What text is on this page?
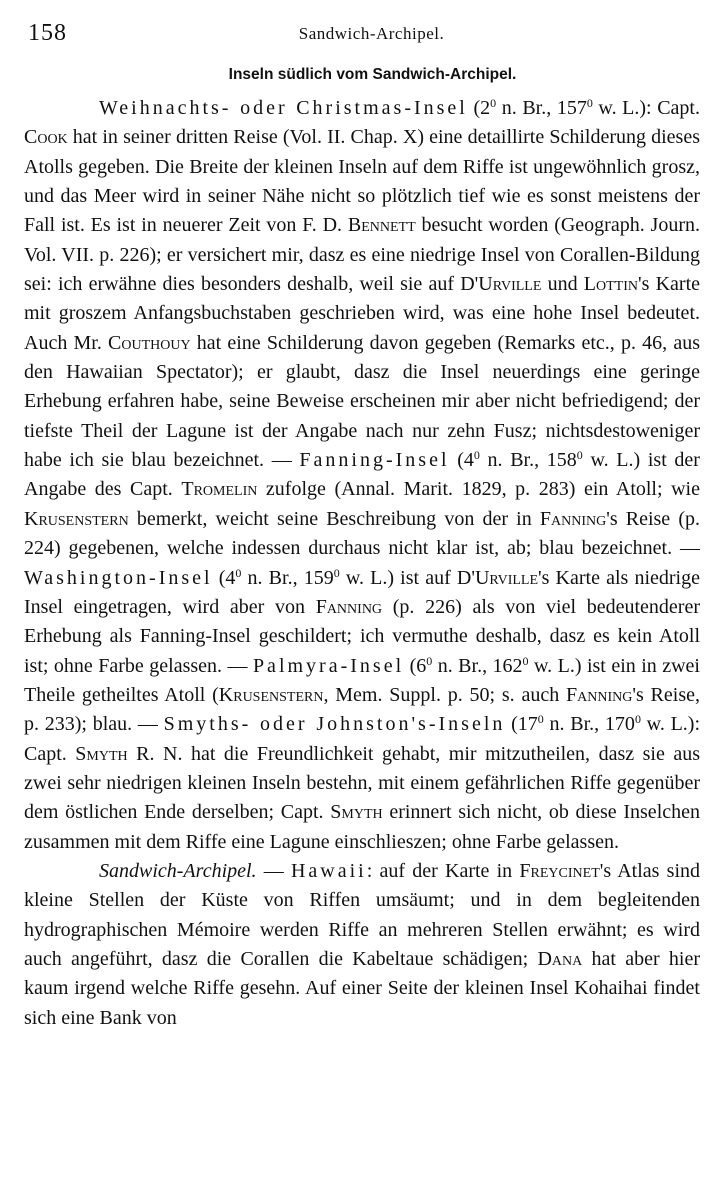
158	Sandwich-Archipel.
Inseln südlich vom Sandwich-Archipel.

Weihnachts- oder Christmas-Insel ($2^0$ n. Br., $157^0$ w. L.): Capt. Cook hat in seiner dritten Reise (Vol. II. Chap. X) eine detaillirte Schilderung dieses Atolls gegeben. Die Breite der kleinen Inseln auf dem Riffe ist ungewöhnlich grosz, und das Meer wird in seiner Nähe nicht so plötzlich tief wie es sonst meistens der Fall ist. Es ist in neuerer Zeit von F. D. Bennett besucht worden (Geograph. Journ. Vol. VII. p. 226); er versichert mir, dasz es eine niedrige Insel von Corallen-Bildung sei: ich erwähne dies besonders deshalb, weil sie auf D'Urville und Lottin's Karte mit groszem Anfangsbuchstaben geschrieben wird, was eine hohe Insel bedeutet. Auch Mr. Couthouy hat eine Schilderung davon gegeben (Remarks etc., p. 46, aus den Hawaiian Spectator); er glaubt, dasz die Insel neuerdings eine geringe Erhebung erfahren habe, seine Beweise erscheinen mir aber nicht befriedigend; der tiefste Theil der Lagune ist der Angabe nach nur zehn Fusz; nichtsdestoweniger habe ich sie blau bezeichnet. — Fanning-Insel ($4^0$ n. Br., $158^0$ w. L.) ist der Angabe des Capt. Tromelin zufolge (Annal. Marit. 1829, p. 283) ein Atoll; wie Krusenstern bemerkt, weicht seine Beschreibung von der in Fanning's Reise (p. 224) gegebenen, welche indessen durchaus nicht klar ist, ab; blau bezeichnet. — Washington-Insel ($4^0$ n. Br., $159^0$ w. L.) ist auf D'Urville's Karte als niedrige Insel eingetragen, wird aber von Fanning (p. 226) als von viel bedeutenderer Erhebung als Fanning-Insel geschildert; ich vermuthe deshalb, dasz es kein Atoll ist; ohne Farbe gelassen. — Palmyra-Insel ($6^0$ n. Br., $162^0$ w. L.) ist ein in zwei Theile getheiltes Atoll (Krusenstern, Mem. Suppl. p. 50; s. auch Fanning's Reise, p. 233); blau. — Smyths- oder Johnston's-Inseln ($17^0$ n. Br., $170^0$ w. L.): Capt. Smyth R. N. hat die Freundlichkeit gehabt, mir mitzutheilen, dasz sie aus zwei sehr niedrigen kleinen Inseln bestehn, mit einem gefährlichen Riffe gegenüber dem östlichen Ende derselben; Capt. Smyth erinnert sich nicht, ob diese Inselchen zusammen mit dem Riffe eine Lagune einschlieszen; ohne Farbe gelassen.

Sandwich-Archipel. — Hawaii: auf der Karte in Freycinet's Atlas sind kleine Stellen der Küste von Riffen umsäumt; und in dem begleitenden hydrographischen Mémoire werden Riffe an mehreren Stellen erwähnt; es wird auch angeführt, dasz die Corallen die Kabeltaue schädigen; Dana hat aber hier kaum irgend welche Riffe gesehn. Auf einer Seite der kleinen Insel Kohaihai findet sich eine Bank von
